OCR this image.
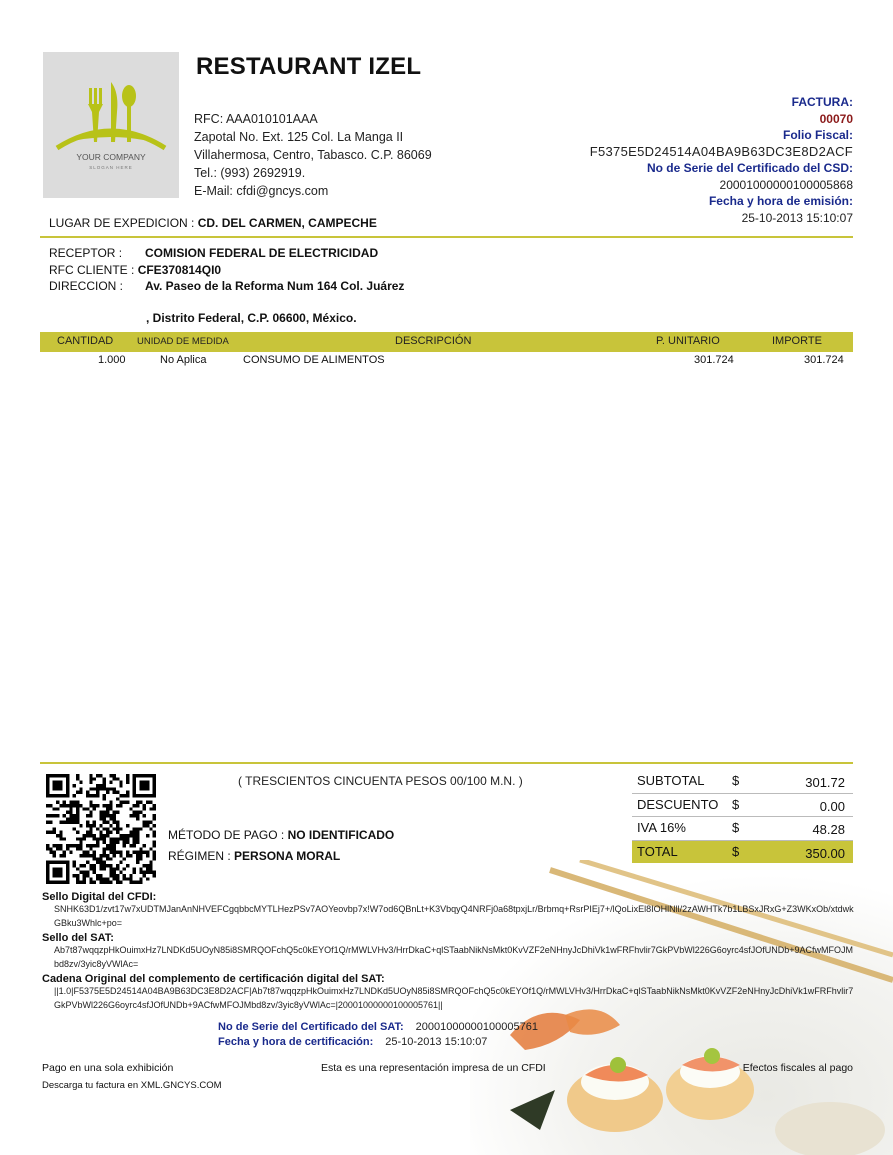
YOUR COMPANY
SLOGAN HERE
RESTAURANT IZEL
RFC: AAA010101AAA
Zapotal No. Ext. 125 Col. La Manga II
Villahermosa, Centro, Tabasco. C.P. 86069
Tel.: (993) 2692919.
E-Mail: cfdi@gncys.com
FACTURA:
00070
Folio Fiscal:
F5375E5D24514A04BA9B63DC3E8D2ACF
No de Serie del Certificado del CSD:
20001000000100005868
Fecha y hora de emisión:
25-10-2013 15:10:07
LUGAR DE EXPEDICION : CD. DEL CARMEN, CAMPECHE
RECEPTOR : COMISION FEDERAL DE ELECTRICIDAD
RFC CLIENTE : CFE370814QI0
DIRECCION : Av. Paseo de la Reforma Num 164 Col. Juárez
, Distrito Federal, C.P. 06600, México.
CANTIDAD	UNIDAD DE MEDIDA	DESCRIPCIÓN	P. UNITARIO	IMPORTE
1.000	No Aplica	CONSUMO DE ALIMENTOS	301.724	301.724
( TRESCIENTOS CINCUENTA PESOS 00/100 M.N. )
MÉTODO DE PAGO : NO IDENTIFICADO
RÉGIMEN : PERSONA MORAL
SUBTOTAL $	301.72
DESCUENTO $	0.00
IVA 16%	$	48.28
TOTAL	$	350.00
Sello Digital del CFDI:
SNHK63D1/zvt17w7xUDTMJanAnNHVEFCgqbbcMYTLHezPSv7AOYeovbp7x!W7od6QBnLt+K3VbqyQ4NRFj0a68tpxjLr/Brbmq+RsrPIEj7+/lQoLixEl8IOHlNll/2zAWHTk7b1LBSxJRxG+Z3WKxOb/xtdwkGBku3Whlc+po=
Sello del SAT:
Ab7t87wqqzpHkOuimxHz7LNDKd5UOyN85i8SMRQOFchQ5c0kEYOf1Q/rMWLVHv3/HrrDkaC+qlSTaabNikNsMkt0KvVZF2eNHnyJcDhiVk1wFRFhvlir7GkPVbWl226G6oyrc4sfJOfUNDb+9ACfwMFOJMbd8zv/3yic8yVWlAc=
Cadena Original del complemento de certificación digital del SAT:
||1.0|F5375E5D24514A04BA9B63DC3E8D2ACF|Ab7t87wqqzpHkOuimxHz7LNDKd5UOyN85i8SMRQOFchQ5c0kEYOf1Q/rMWLVHv3/HrrDkaC+qlSTaabNikNsMkt0KvVZF2eNHnyJcDhiVk1wFRFhvlir7GkPVbWl226G6oyrc4sfJOfUNDb+9ACfwMFOJMbd8zv/3yic8yVWlAc=|20001000000100005761||
No de Serie del Certificado del SAT: 20001000000100005761
Fecha y hora de certificación: 25-10-2013 15:10:07
Pago en una sola exhibición
Descarga tu factura en XML.GNCYS.COM
Esta es una representación impresa de un CFDI	Efectos fiscales al pago
